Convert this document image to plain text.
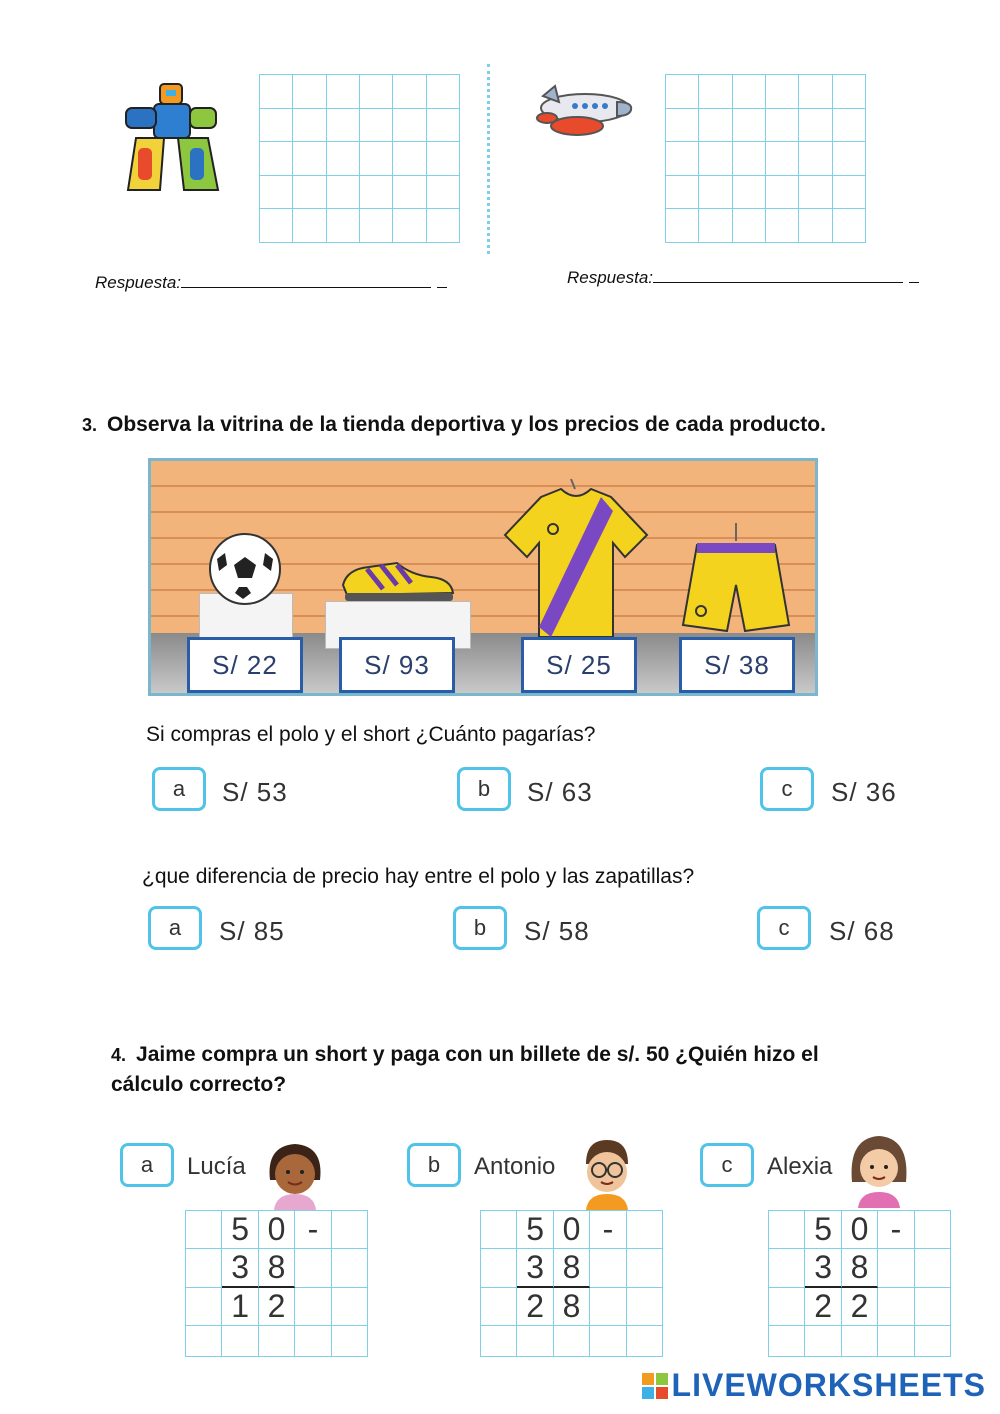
Respuesta:	Respuesta:
3. Observa la vitrina de la tienda deportiva y los precios de cada producto.
S/ 22	S/ 93	S/ 25	S/ 38
Si compras el polo y el short ¿Cuánto pagarías?
a	S/ 53	b	S/ 63	c	S/ 36
¿que diferencia de precio hay entre el polo y las zapatillas?
a	S/ 85	b	S/ 58	c	S/ 68
4. Jaime compra un short y paga con un billete de s/. 50 ¿Quién hizo el
cálculo correcto?
a	Lucía
5 0 -
3 8
1 2
b	Antonio
5 0 -
3 8
2 8
c	Alexia
5 0 -
3 8
2 2
LIVEWORKSHEETS
